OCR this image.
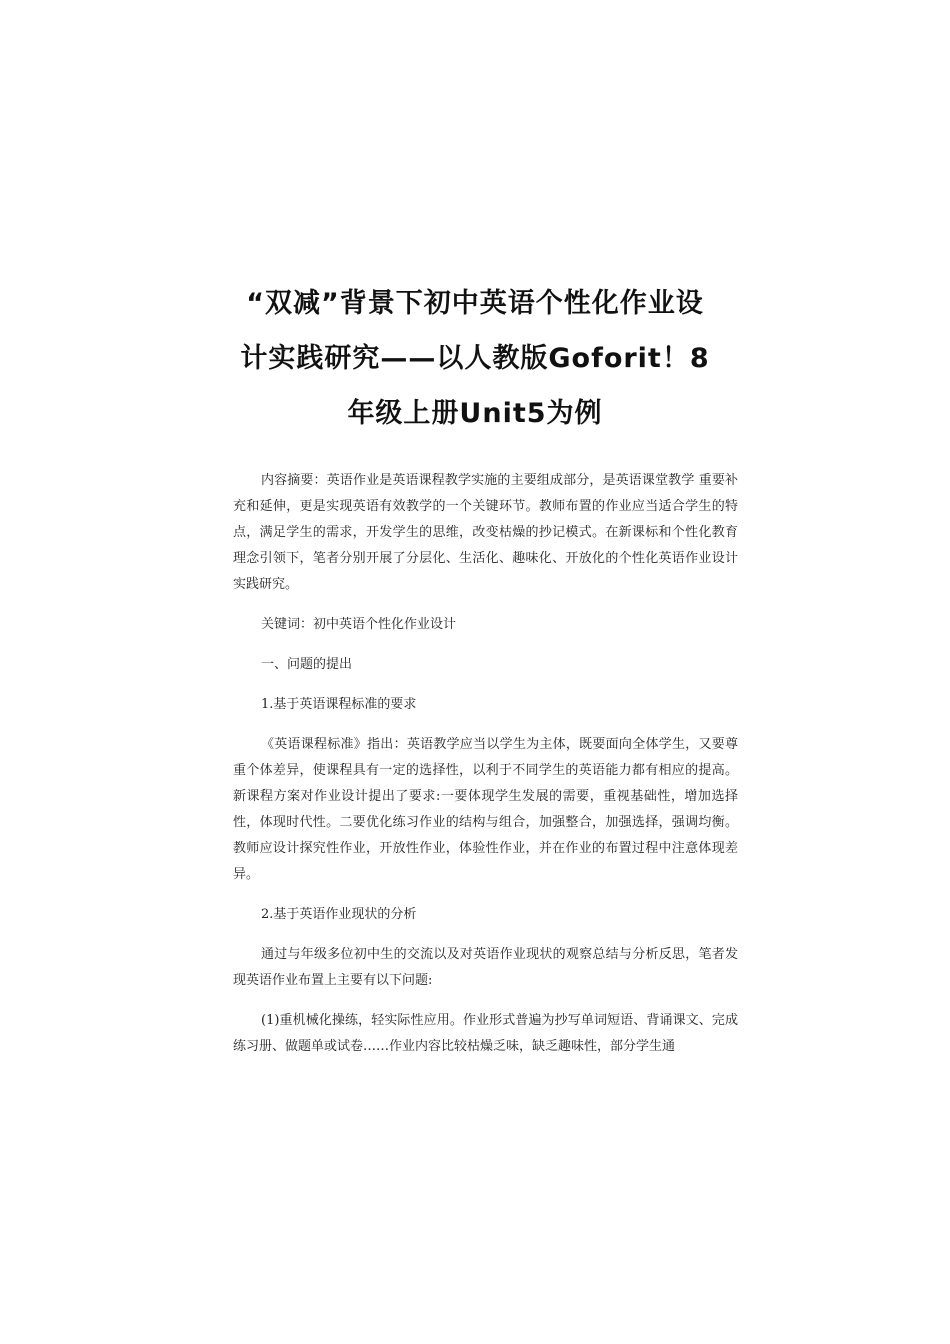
“双减”背景下初中英语个性化作业设
计实践研究——以人教版Goforit！8
年级上册Unit5为例

内容摘要：英语作业是英语课程教学实施的主要组成部分，是英语课堂教学 重要补充和延伸，更是实现英语有效教学的一个关键环节。教师布置的作业应当适合学生的特点，满足学生的需求，开发学生的思维，改变枯燥的抄记模式。在新课标和个性化教育理念引领下，笔者分别开展了分层化、生活化、趣味化、开放化的个性化英语作业设计实践研究。

关键词：初中英语个性化作业设计

一、问题的提出

1.基于英语课程标准的要求

《英语课程标准》指出：英语教学应当以学生为主体，既要面向全体学生，又要尊重个体差异，使课程具有一定的选择性，以利于不同学生的英语能力都有相应的提高。新课程方案对作业设计提出了要求:一要体现学生发展的需要，重视基础性，增加选择性，体现时代性。二要优化练习作业的结构与组合，加强整合，加强选择，强调均衡。教师应设计探究性作业，开放性作业，体验性作业，并在作业的布置过程中注意体现差异。

2.基于英语作业现状的分析

通过与年级多位初中生的交流以及对英语作业现状的观察总结与分析反思，笔者发现英语作业布置上主要有以下问题:

(1)重机械化操练，轻实际性应用。作业形式普遍为抄写单词短语、背诵课文、完成练习册、做题单或试卷……作业内容比较枯燥乏味，缺乏趣味性，部分学生通
